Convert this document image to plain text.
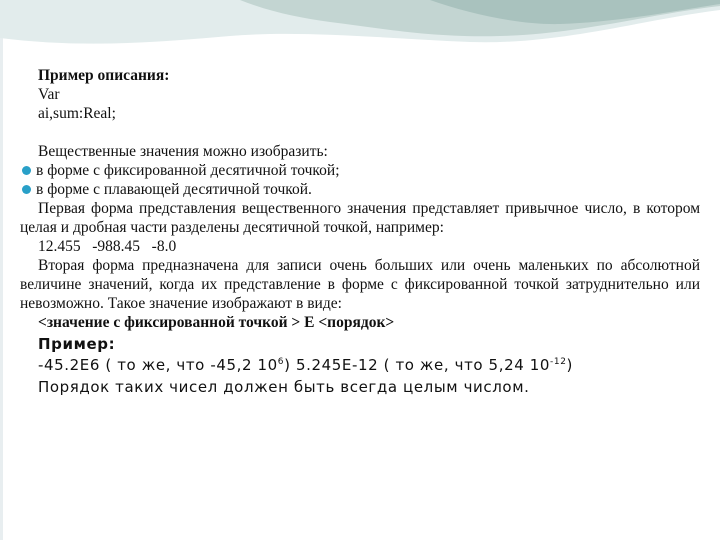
Пример описания:
Var
ai,sum:Real;
Вещественные значения можно изобразить:
в форме с фиксированной десятичной точкой;
в форме с плавающей десятичной точкой.
Первая форма представления вещественного значения представляет привычное число, в котором целая и дробная части разделены десятичной точкой, например:
12.455   -988.45   -8.0
Вторая форма предназначена для записи очень больших или очень маленьких по абсолютной величине значений, когда их представление в форме с фиксированной точкой затруднительно или невозможно. Такое значение изображают в виде:
<значение с фиксированной точкой > Е <порядок>
Пример:
-45.2Е6 ( то же, что -45,2 $10^6$) 5.245Е-12 ( то же, что 5,24 $10^{-12}$)
Порядок таких чисел должен быть всегда целым числом.
